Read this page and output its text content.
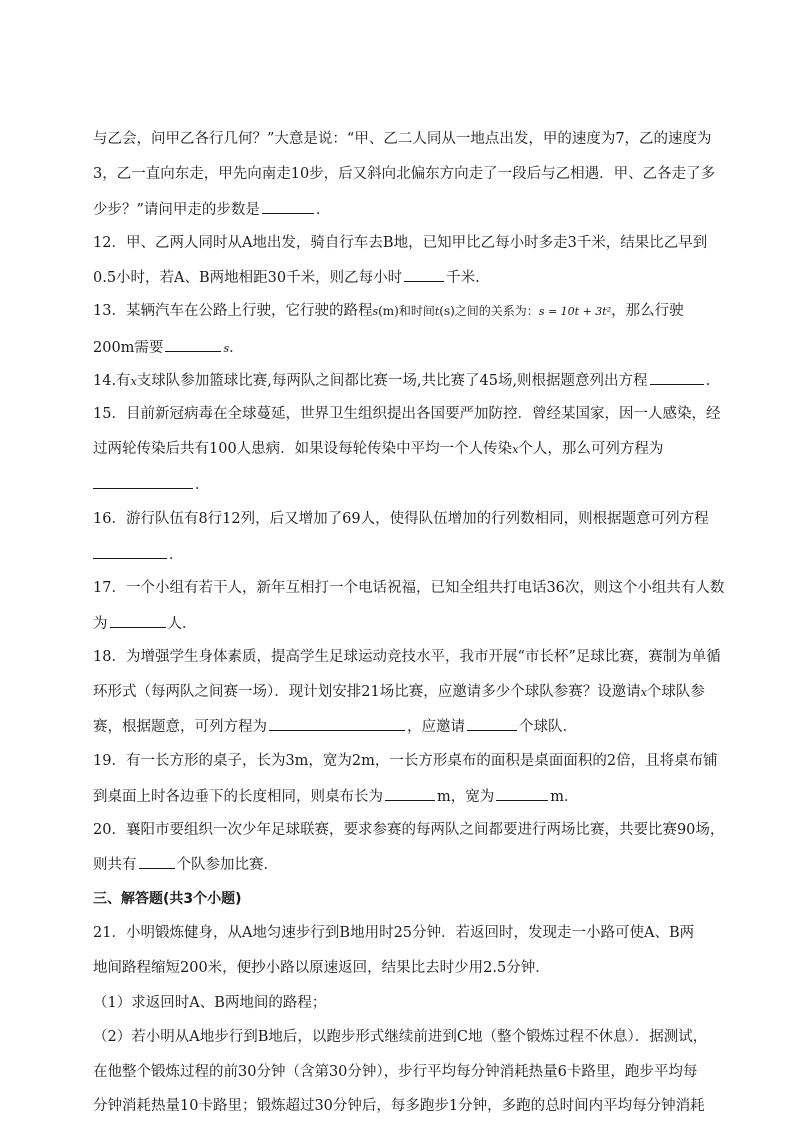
与乙会，问甲乙各行几何？”大意是说：“甲、乙二人同从一地点出发，甲的速度为7，乙的速度为
3，乙一直向东走，甲先向南走10步，后又斜向北偏东方向走了一段后与乙相遇．甲、乙各走了多
少步？”请问甲走的步数是	．
12．甲、乙两人同时从A地出发，骑自行车去B地，已知甲比乙每小时多走3千米，结果比乙早到
0.5小时，若A、B两地相距30千米，则乙每小时	千米.
13．某辆汽车在公路上行驶，它行驶的路程s(m)和时间t(s)之间的关系为：s = 10t + 3t²，那么行驶
200m需要	s．
14.有x支球队参加篮球比赛,每两队之间都比赛一场,共比赛了45场,则根据题意列出方程	．
15．目前新冠病毒在全球蔓延，世界卫生组织提出各国要严加防控．曾经某国家，因一人感染，经
过两轮传染后共有100人患病．如果设每轮传染中平均一个人传染x个人，那么可列方程为
．
16．游行队伍有8行12列，后又增加了69人，使得队伍增加的行列数相同，则根据题意可列方程
．
17．一个小组有若干人，新年互相打一个电话祝福，已知全组共打电话36次，则这个小组共有人数
为	人．
18．为增强学生身体素质，提高学生足球运动竞技水平，我市开展“市长杯”足球比赛，赛制为单循
环形式（每两队之间赛一场）．现计划安排21场比赛，应邀请多少个球队参赛？设邀请x个球队参
赛，根据题意，可列方程为	，应邀请	个球队．
19．有一长方形的桌子，长为3m，宽为2m，一长方形桌布的面积是桌面面积的2倍，且将桌布铺
到桌面上时各边垂下的长度相同，则桌布长为	m，宽为	m．
20．襄阳市要组织一次少年足球联赛，要求参赛的每两队之间都要进行两场比赛，共要比赛90场，
则共有	个队参加比赛．
三、解答题(共3个小题)
21．小明锻炼健身，从A地匀速步行到B地用时25分钟．若返回时，发现走一小路可使A、B两
地间路程缩短200米，便抄小路以原速返回，结果比去时少用2.5分钟．
（1）求返回时A、B两地间的路程；
（2）若小明从A地步行到B地后，以跑步形式继续前进到C地（整个锻炼过程不休息）．据测试，
在他整个锻炼过程的前30分钟（含第30分钟），步行平均每分钟消耗热量6卡路里，跑步平均每
分钟消耗热量10卡路里；锻炼超过30分钟后，每多跑步1分钟，多跑的总时间内平均每分钟消耗
